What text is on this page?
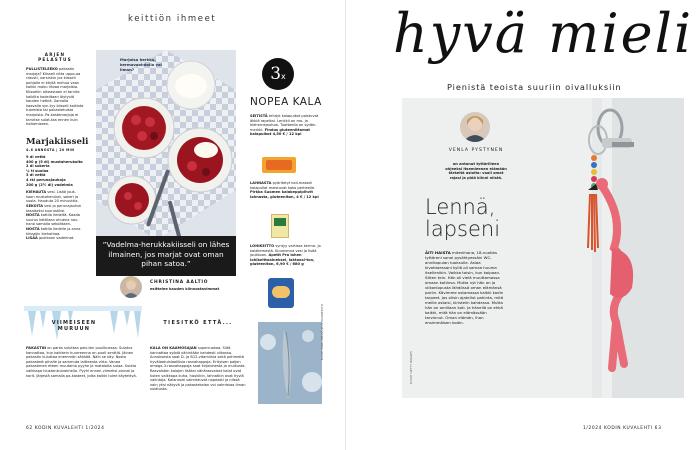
keittiön ihmeet
ARJEN
PELASTUS
PULLISTELEEKO pakastin marjoja? Kiisseli nitta uppo-aa ratusti, varsinkin jos kiisseli pohjalle ei käytä mehua vaan kaikki maku irtoaa marjoista. Kiisseliin oikeastaan ei tarvita kaikilta kodeiltaan löytyviä kauden hetkiä. Samalla kaavalla syn-tyy kiisseli kaikista tuoreista tai pakastetuista marjoista. Pa-kastemarjoja ei tarvitse sulat-taa ennen kuin hoitamiseen.
Marjakiisseli
4–6 ANNOSTA | 20 MIN
9 dl vettä
400 g (5 dl) mustaherukoita
2 dl sokeria
¼ tl suolaa
3 dl vettä
4 rkl perunajauhoja
200 g (2½ dl) vadelmia
KIEHAUTA vesi. Lisää jouk-koon mustaherukat, sokeri ja suola. Hauduta 20 minuuttia.
SEKOITA vesi ja perunajauhot tasaiseksi suurustiksi.
NOSTA kattila liedeltä. Kaada suurus kattilaan ohuena nau-hana samalla sekoittaen.
NOSTA kattila liedelle ja anna kiisselin kiehahtaa.
LISÄÄ joukkoon vadelmat.
Marjoisa herkku, kermavaahdolla vai ilman?
”Vadelma-herukkakiisseli on lähes ilmainen, jos marjat ovat oman pihan satoa.”
CHRISTINA AALTIO
esittelee kauden kiinnostavimmat
3x
NOPEA KALA
SEITISTÄ tehdyt kalapuikot paistuvat äkkiä rapeiksi. Lenkkii on mo- ja kiehernejauhoa. Tuotteella on sydän-merkki. Findus gluteenittomat kalapuikot 4,50 € / 12 kpl
LAHNASTA pyöritetyt kali-masset kalapullat maistuvat koko perheelle. Pirkka Suomen kalakeppipihvit lahnasta, gluteeniton, 4 € / 12 kpl
LOHIKEITTO syntyy vartissa kerma- ja kalaliemestä. Kuumenna vesi ja lisää joukkoon. Apetit Pro lohen lohikeittoaineksel, laktoosi-ton, gluteeniton, 6,90 € / 680 g
VIIMEISEEN
MURUUN
PAKASTIN on paras suluttaa pois-ten puulikuessa. Sulatus kannattaa, kun kaikkein huurreenna on puoli senttiä. Jäinen pakastin kuluttaa enemmän sähköä. Näin se käy: Nosta pakasteet pihalle ja sammuta laitteesta virta. Vanaa pakastimen eteen muutama pyyhe ja mataloita sulaa. Sulata vaikkapa hiustenkuivaimella. Pyyhi ennen viimeksi pinnat ja korit. Järjestä samalla pa-kasteet, jotta kaikki tulee käytettyä.
TIESITKÖ ETTÄ...
KALA ON KAAMOSAJAN superruokaa. Siitä kannattaa syödä vähintään kahdesti viikossa. Annoksesta saat D- ja B12-vitamiinia sekä pehmeitä hyvälaatuisiaalliisia rasvahappoja. Erityisen paljon omega-3-rasvahappoja saat kirjolohesta ja muikusta. Rasvaisten kalojen lisäksi vähärasvaiset kalat ovat kuten vaikkapa kuha, haukikin, lahnatkin ovat hyviä valintoja. Kalaruoat valmistuvat nopeasti ja niissä vain yksi näkyvä ja pakastekalan voi valmistaa ilman sulatusta.
KUVAT PANU PÄLVIÄ JA ISTOCKPHOTO
62 KODIN KUVALEHTI 1/2024
hyvä mieli
Pienistä teoista suuriin oivalluksiin
VENLA PYSTYNEN
on antanut tyttärilleen ohjeeksi itsemieenen elämään tärkeitä asioita: vaali omat rajasi ja pidä kiinni niistä.
Lennä, lapseni
ÄITI HAISTA mitenihana, 18-vuotias tyttäreni sanoi pysähtyessäni WC-annikopulan tuoksulle. Asiaa kivahtaessani kyllä oli samaa huuma itsellenikin. Vaikka toisin, kun kaipaan. Sitten tein. Hän oli vielä muuttamassa omaan kotiinsa. Mutta nyt hän on jo viikonlopusta lähdössä oman elämänsä pariin. Kävimme ostamassa kaikki kodin tarpeet. Jos olisin ajatellut pahinta, mitä meille ostaisi, kiristelin kahdessa. Mutta hän on omillaan koti. Ja hänellä on ehkä kaikki, mitä hän on elämässään tarvinnut. Oman elämän, ihan ensimmäisen kodin.
KUVAT GETTY IMAGES
1/2024 KODIN KUVALEHTI 63
